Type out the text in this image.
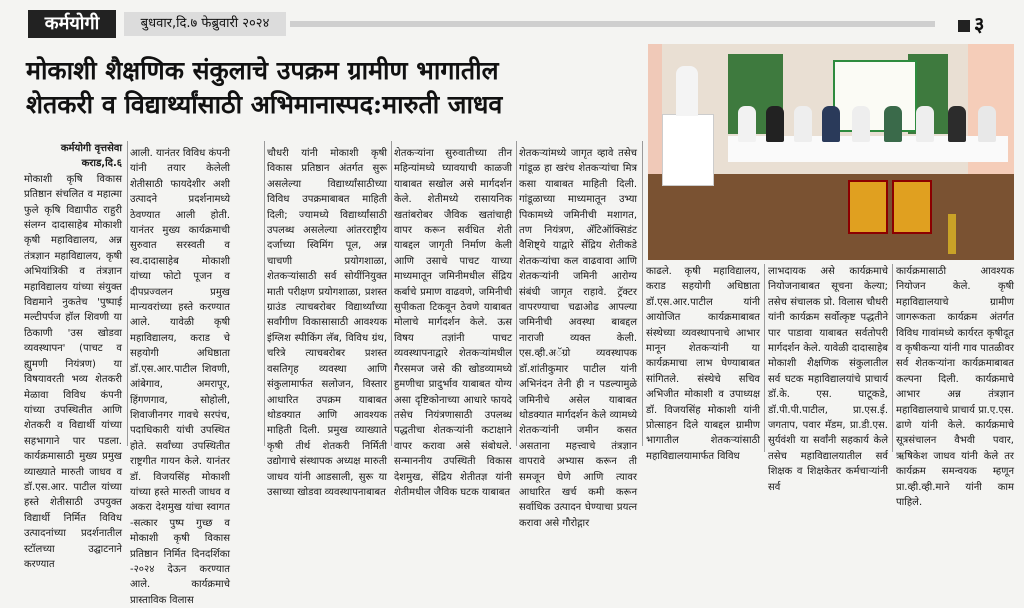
कर्मयोगी	बुधवार,दि.७ फेब्रुवारी २०२४	३
मोकाशी शैक्षणिक संकुलाचे उपक्रम ग्रामीण भागातील
शेतकरी व विद्यार्थ्यांसाठी अभिमानास्पद:मारुती जाधव

कर्मयोगी वृत्तसेवा

कराड,दि.६

मोकाशी कृषि विकास प्रतिष्ठान संचलित व महात्मा फुले कृषि विद्यापीठ राहुरी संलग्न दादासाहेब मोकाशी कृषी महाविद्यालय, अन्न तंत्रज्ञान महाविद्यालय, कृषी अभियांत्रिकी व तंत्रज्ञान महाविद्यालय यांच्या संयुक्त विद्यमाने नुकतेच 'पुष्पाई मल्टीपर्पज हॉल शिवणी या ठिकाणी 'उस खोडवा व्यवस्थापन' (पाचट व ह्युमणी नियंत्रण) या विषयावरती भव्य शेतकरी मेळावा विविध कंपनी यांच्या उपस्थितीत आणि शेतकरी व विद्यार्थी यांच्या सहभागाने पार पडला. कार्यक्रमासाठी मुख्य प्रमुख व्याख्याते मारुती जाधव व डॉ.एस.आर. पाटील यांच्या हस्ते शेतीसाठी उपयुक्त विद्यार्थी निर्मित विविध उत्पादनांच्या प्रदर्शनातील स्टॉलच्या उद्घाटनाने करण्यात

आली. यानंतर विविध कंपनी यांनी तयार केलेली शेतीसाठी फायदेशीर अशी उत्पादने प्रदर्शनामध्ये ठेवण्यात आली होती. यानंतर मुख्य कार्यक्रमाची सुरुवात सरस्वती व स्व.दादासाहेब मोकाशी यांच्या फोटो पूजन व दीपप्रज्वलन प्रमुख मान्यवरांच्या हस्ते करण्यात आले. यावेळी कृषी महाविद्यालय, कराड चे सहयोगी अधिष्ठाता डॉ.एस.आर.पाटील शिवणी, आंबेगाव, अमरापूर, हिंगणगाव, सोहोली, शिवाजीनगर गावचे सरपंच, पदाधिकारी यांची उपस्थित होते. सर्वांच्या उपस्थितीत राष्ट्रगीत गायन केले. यानंतर डॉ. विजयसिंह मोकाशी यांच्या हस्ते मारुती जाधव व अकरा देशमुख यांचा स्वागत -सत्कार पुष्प गुच्छ व मोकाशी कृषी विकास प्रतिष्ठान निर्मित दिनदर्शिका -२०२४ देऊन करण्यात आले. कार्यक्रमाचे प्रास्ताविक विलास

चौधरी यांनी मोकाशी कृषी विकास प्रतिष्ठान अंतर्गत सुरू असलेल्या विद्यार्थ्यांसाठीच्या विविध उपक्रमाबाबत माहिती दिली; ज्यामध्ये विद्यार्थ्यांसाठी उपलब्ध असलेल्या आंतरराष्ट्रीय दर्जाच्या स्विमिंग पूल, अन्न चाचणी प्रयोगशाळा, शेतकऱ्यांसाठी सर्व सोयींनियुक्त माती परीक्षण प्रयोगशाळा, प्रशस्त ग्राउंड त्याचबरोबर विद्यार्थ्यांच्या सर्वांगीण विकासासाठी आवश्यक इंग्लिश स्पीकिंग लॅब, विविध ग्रंथ, चरित्रे त्याचबरोबर प्रशस्त वसतिगृह व्यवस्था आणि संकुलामार्फत सलोजन, विस्तार आधारित उपक्रम याबाबत थोडक्यात आणि आवश्यक माहिती दिली. प्रमुख व्याख्याते कृषी तीर्थ शेतकरी निर्मिती उद्योगाचे संस्थापक अध्यक्ष मारुती जाधव यांनी आडसाली, सुरू या उसाच्या खोडवा व्यवस्थापनाबाबत

शेतकऱ्यांना सुरुवातीच्या तीन महिन्यांमध्ये घ्यावयाची काळजी याबाबत सखोल असे मार्गदर्शन केले. शेतीमध्ये रासायनिक खतांबरोबर जैविक खतांचाही वापर करून सर्वधित शेती याबद्दल जागृती निर्माण केली आणि उसाचे पाचट याच्या माध्यमातून जमिनीमधील सेंद्रिय कर्बाचे प्रमाण वाढवणे, जमिनीची सुपीकता टिकवून ठेवणे याबाबत मोलाचे मार्गदर्शन केले. ऊस विषय तज्ञांनी पाचट व्यवस्थापनाद्वारे शेतकऱ्यांमधील गैरसमज जसे की खोडव्यामध्ये हुमणीचा प्रादुर्भाव याबाबत योग्य असा दृष्टिकोनाच्या आधारे फायदे तसेच नियंत्रणासाठी उपलब्ध पद्धतीचा शेतकऱ्यांनी कटाक्षाने वापर करावा असे संबोधले. सन्माननीय उपस्थिती विकास देशमुख, सेंद्रिय शेतीतज्ञ यांनी शेतीमधील जैविक घटक याबाबत

शेतकऱ्यांमध्ये जागृत व्हावे तसेच गांडूळ हा खरंच शेतकऱ्यांचा मित्र कसा याबाबत माहिती दिली. गांडूळाच्या माध्यमातून उभ्या पिकामध्ये जमिनीची मशागत, तण नियंत्रण, ॲटिऑक्सिडंट वैशिष्ट्ये याद्वारे सेंद्रिय शेतीकडे शेतकऱ्यांचा कल वाढवावा आणि शेतकऱ्यांनी जमिनी आरोग्य संबंधी जागृत राहावे. ट्रॅक्टर वापरण्याचा चढाओढ आपल्या जमिनीची अवस्था बाबद्दल नाराजी व्यक्त केली. एस.व्ही.अॅग्रो व्यवस्थापक डॉ.शांतीकुमार पाटील यांनी अभिनंदन तेनी ही न पडल्यामुळे जमिनीचे असेल याबाबत थोडक्यात मार्गदर्शन केले व्यामध्ये शेतकऱ्यांनी जमीन कसत असताना महत्त्वाचे तंत्रज्ञान वापरावे अभ्यास करून ती समजून घेणे आणि त्यावर आधारित खर्च कमी करून सर्वाधिक उत्पादन घेण्याचा प्रयत्न करावा असे गौरोद्गार

काढले. कृषी महाविद्यालय, कराड सहयोगी अधिष्ठाता डॉ.एस.आर.पाटील यांनी आयोजित कार्यक्रमाबाबत संस्थेच्या व्यवस्थापनाचे आभार मानून शेतकऱ्यांनी या कार्यक्रमाचा लाभ घेण्याबाबत सांगितले. संस्थेचे सचिव अभिजीत मोकाशी व उपाध्यक्ष डॉ. विजयसिंह मोकाशी यांनी प्रोत्साहन दिले याबद्दल ग्रामीण भागातील शेतकऱ्यांसाठी महाविद्यालयामार्फत विविध

लाभदायक असे कार्यक्रमाचे नियोजनाबाबत सूचना केल्या; तसेच संचालक प्रो. विलास चौधरी यांनी कार्यक्रम सर्वोत्कृष्ट पद्धतीने पार पाडावा याबाबत सर्वतोपरी मार्गदर्शन केले. यावेळी दादासाहेब मोकाशी शैक्षणिक संकुलातील सर्व घटक महाविद्यालयांचे प्राचार्य डॉ.के. एस. घाटूकडे, डॉ.पी.पी.पाटील, प्रा.एस.ई. जगताप, पवार मॅडम, प्रा.डी.एस. सुर्यवंशी या सर्वांनी सहकार्य केले तसेच महाविद्यालयातील सर्व शिक्षक व शिक्षकेतर कर्मचाऱ्यांनी सर्व

कार्यक्रमासाठी आवश्यक नियोजन केले. कृषी महाविद्यालयाचे ग्रामीण जागरूकता कार्यक्रम अंतर्गत विविध गावांमध्ये कार्यरत कृषीदूत व कृषीकन्या यांनी गाव पातळीवर सर्व शेतकऱ्यांना कार्यक्रमाबाबत कल्पना दिली. कार्यक्रमाचे आभार अन्न तंत्रज्ञान महाविद्यालयाचे प्राचार्य प्रा.ए.एस. ढाणे यांनी केले. कार्यक्रमाचे सूत्रसंचालन वैभवी पवार, ऋषिकेश जाधव यांनी केले तर कार्यक्रम समन्वयक म्हणून प्रा.व्ही.व्ही.माने यांनी काम पाहिले.
